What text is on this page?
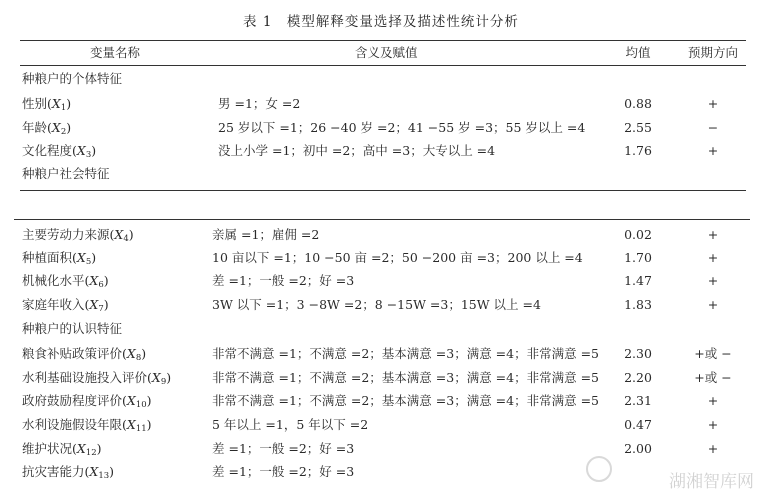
表 1　模型解释变量选择及描述性统计分析
变量名称	含义及赋值	均值	预期方向
种粮户的个体特征
性别$(X_1)$	男 =1；女 =2	0.88	+
年龄$(X_2)$	25 岁以下 =1；26 −40 岁 =2；41 −55 岁 =3；55 岁以上 =4	2.55	−
文化程度$(X_3)$	没上小学 =1；初中 =2；高中 =3；大专以上 =4	1.76	+
种粮户社会特征
主要劳动力来源$(X_4)$	亲属 =1；雇佣 =2	0.02	+
种植面积$(X_5)$	10 亩以下 =1；10 −50 亩 =2；50 −200 亩 =3；200 以上 =4	1.70	+
机械化水平$(X_6)$	差 =1；一般 =2；好 =3	1.47	+
家庭年收入$(X_7)$	3W 以下 =1；3 −8W =2；8 −15W =3；15W 以上 =4	1.83	+
种粮户的认识特征
粮食补贴政策评价$(X_8)$	非常不满意 =1；不满意 =2；基本满意 =3；满意 =4；非常满意 =5	2.30	+或 −
水利基础设施投入评价$(X_9)$	非常不满意 =1；不满意 =2；基本满意 =3；满意 =4；非常满意 =5	2.20	+或 −
政府鼓励程度评价$(X_{10})$	非常不满意 =1；不满意 =2；基本满意 =3；满意 =4；非常满意 =5	2.31	+
水利设施假设年限$(X_{11})$	5 年以上 =1，5 年以下 =2	0.47	+
维护状况$(X_{12})$	差 =1；一般 =2；好 =3	2.00	+
抗灾害能力$(X_{13})$	差 =1；一般 =2；好 =3
湖湘智库网
